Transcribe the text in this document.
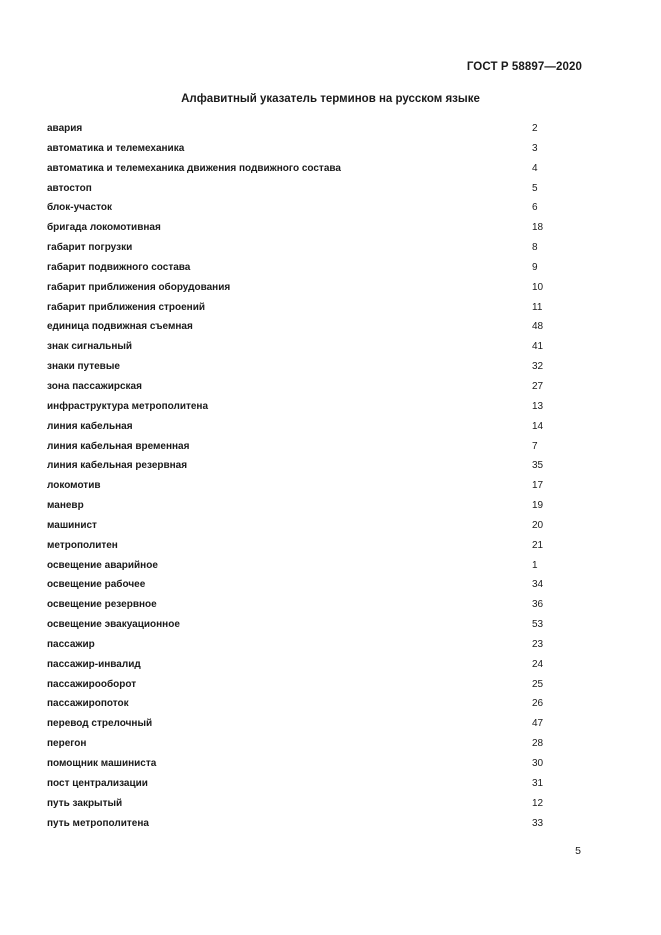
ГОСТ Р 58897—2020
Алфавитный указатель терминов на русском языке
авария	2
автоматика и телемеханика	3
автоматика и телемеханика движения подвижного состава	4
автостоп	5
блок-участок	6
бригада локомотивная	18
габарит погрузки	8
габарит подвижного состава	9
габарит приближения оборудования	10
габарит приближения строений	11
единица подвижная съемная	48
знак сигнальный	41
знаки путевые	32
зона пассажирская	27
инфраструктура метрополитена	13
линия кабельная	14
линия кабельная временная	7
линия кабельная резервная	35
локомотив	17
маневр	19
машинист	20
метрополитен	21
освещение аварийное	1
освещение рабочее	34
освещение резервное	36
освещение эвакуационное	53
пассажир	23
пассажир-инвалид	24
пассажирооборот	25
пассажиропоток	26
перевод стрелочный	47
перегон	28
помощник машиниста	30
пост централизации	31
путь закрытый	12
путь метрополитена	33
5
